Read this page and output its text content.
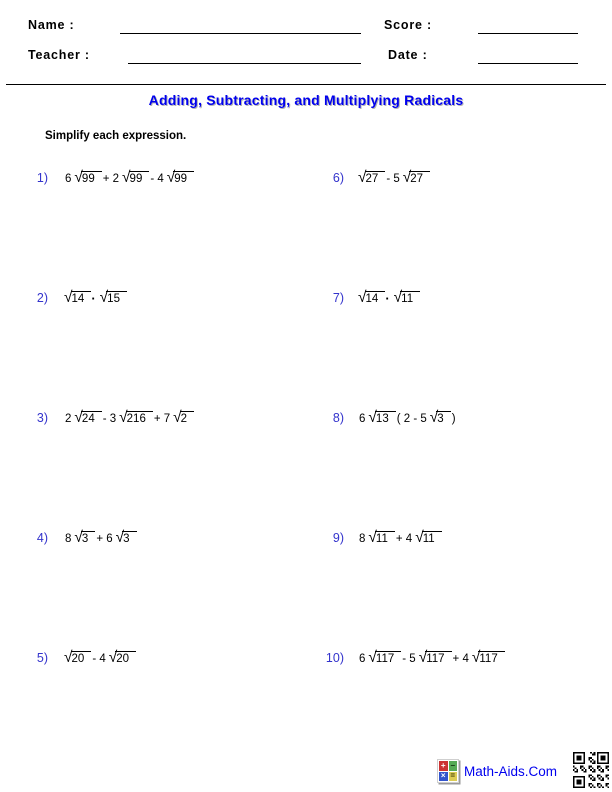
Name :
Teacher :
Score :
Date :
Adding, Subtracting, and Multiplying Radicals
Simplify each expression.
1) 6 √ 99 + 2 √ 99 - 4 √ 99	6) √ 27 - 5 √ 27
2) √ 14 · √ 15	7) √ 14 · √ 11
3) 2 √ 24 - 3 √ 216 + 7 √ 2	8) 6 √ 13 ( 2 - 5 √ 3 )
4) 8 √ 3 + 6 √ 3	9) 8 √ 11 + 4 √ 11
5) √ 20 - 4 √ 20	10) 6 √ 117 - 5 √ 117 + 4 √ 117
+ −
× = Math-Aids.Com
